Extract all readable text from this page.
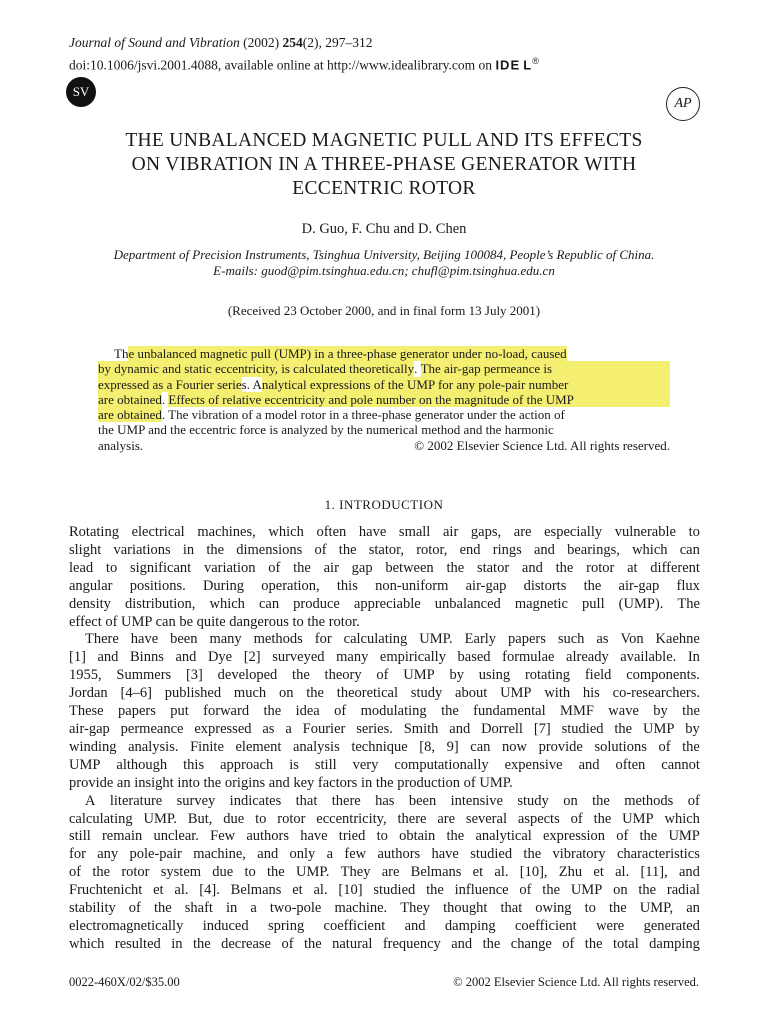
Journal of Sound and Vibration (2002) 254(2), 297–312
doi:10.1006/jsvi.2001.4088, available online at http://www.idealibrary.com on IDE L®
SV
AP
THE UNBALANCED MAGNETIC PULL AND ITS EFFECTS
ON VIBRATION IN A THREE-PHASE GENERATOR WITH
ECCENTRIC ROTOR
D. Guo, F. Chu and D. Chen
Department of Precision Instruments, Tsinghua University, Beijing 100084, People’s Republic of China.
E-mails: guod@pim.tsinghua.edu.cn; chufl@pim.tsinghua.edu.cn
(Received 23 October 2000, and in final form 13 July 2001)
Th e unbalanced magnetic pull (UMP) in a three-phase generator under no-load, caused
by dynamic and static eccentricity, is calculated theoretically . The air-gap permeance is
expressed as a Fourier serie s. A nalytical expressions of the UMP for any pole-pair number
are obtained . Effects of relative eccentricity and pole number on the magnitude of the UMP
are obtained . The vibration of a model rotor in a three-phase generator under the action of
the UMP and the eccentric force is analyzed by the numerical method and the harmonic
analysis.	© 2002 Elsevier Science Ltd. All rights reserved.
1. INTRODUCTION
Rotating electrical machines, which often have small air gaps, are especially vulnerable to
slight variations in the dimensions of the stator, rotor, end rings and bearings, which can
lead to significant variation of the air gap between the stator and the rotor at different
angular positions. During operation, this non-uniform air-gap distorts the air-gap flux
density distribution, which can produce appreciable unbalanced magnetic pull (UMP). The
effect of UMP can be quite dangerous to the rotor.
There have been many methods for calculating UMP. Early papers such as Von Kaehne
[1] and Binns and Dye [2] surveyed many empirically based formulae already available. In
1955, Summers [3] developed the theory of UMP by using rotating field components.
Jordan [4–6] published much on the theoretical study about UMP with his co-researchers.
These papers put forward the idea of modulating the fundamental MMF wave by the
air-gap permeance expressed as a Fourier series. Smith and Dorrell [7] studied the UMP by
winding analysis. Finite element analysis technique [8, 9] can now provide solutions of the
UMP although this approach is still very computationally expensive and often cannot
provide an insight into the origins and key factors in the production of UMP.
A literature survey indicates that there has been intensive study on the methods of
calculating UMP. But, due to rotor eccentricity, there are several aspects of the UMP which
still remain unclear. Few authors have tried to obtain the analytical expression of the UMP
for any pole-pair machine, and only a few authors have studied the vibratory characteristics
of the rotor system due to the UMP. They are Belmans et al. [10], Zhu et al. [11], and
Fruchtenicht et al. [4]. Belmans et al. [10] studied the influence of the UMP on the radial
stability of the shaft in a two-pole machine. They thought that owing to the UMP, an
electromagnetically induced spring coefficient and damping coefficient were generated
which resulted in the decrease of the natural frequency and the change of the total damping
0022-460X/02/$35.00	© 2002 Elsevier Science Ltd. All rights reserved.
